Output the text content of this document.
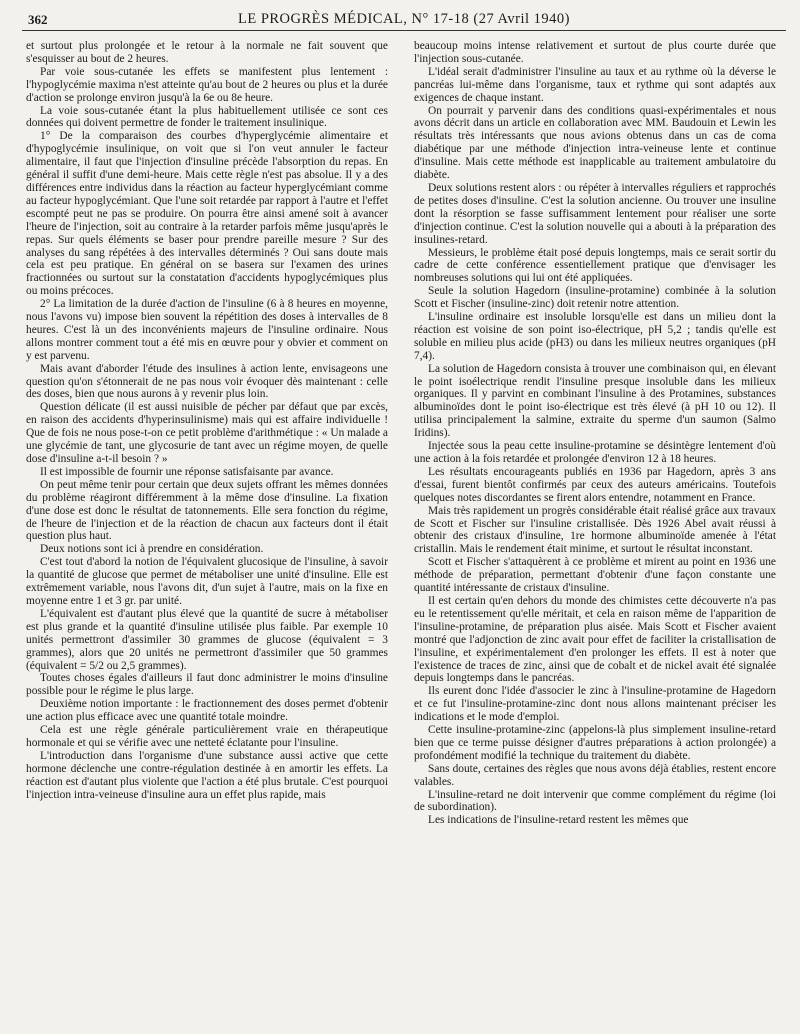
362	LE PROGRÈS MÉDICAL, N° 17-18 (27 Avril 1940)

et surtout plus prolongée et le retour à la normale ne fait souvent que s'esquisser au bout de 2 heures.

Par voie sous-cutanée les effets se manifestent plus lentement : l'hypoglycémie maxima n'est atteinte qu'au bout de 2 heures ou plus et la durée d'action se prolonge environ jusqu'à la 6e ou 8e heure.

La voie sous-cutanée étant la plus habituellement utilisée ce sont ces données qui doivent permettre de fonder le traitement insulinique.

1° De la comparaison des courbes d'hyperglycémie alimentaire et d'hypoglycémie insulinique, on voit que si l'on veut annuler le facteur alimentaire, il faut que l'injection d'insuline précède l'absorption du repas. En général il suffit d'une demi-heure. Mais cette règle n'est pas absolue. Il y a des différences entre individus dans la réaction au facteur hyperglycémiant comme au facteur hypoglycémiant. Que l'une soit retardée par rapport à l'autre et l'effet escompté peut ne pas se produire. On pourra être ainsi amené soit à avancer l'heure de l'injection, soit au contraire à la retarder parfois même jusqu'après le repas. Sur quels éléments se baser pour prendre pareille mesure ? Sur des analyses du sang répétées à des intervalles déterminés ? Oui sans doute mais cela est peu pratique. En général on se basera sur l'examen des urines fractionnées ou surtout sur la constatation d'accidents hypoglycémiques plus ou moins précoces.

2° La limitation de la durée d'action de l'insuline (6 à 8 heures en moyenne, nous l'avons vu) impose bien souvent la répétition des doses à intervalles de 8 heures. C'est là un des inconvénients majeurs de l'insuline ordinaire. Nous allons montrer comment tout a été mis en œuvre pour y obvier et comment on y est parvenu.

Mais avant d'aborder l'étude des insulines à action lente, envisageons une question qu'on s'étonnerait de ne pas nous voir évoquer dès maintenant : celle des doses, bien que nous aurons à y revenir plus loin.

Question délicate (il est aussi nuisible de pécher par défaut que par excès, en raison des accidents d'hyperinsulinisme) mais qui est affaire individuelle ! Que de fois ne nous pose-t-on ce petit problème d'arithmétique : « Un malade a une glycémie de tant, une glycosurie de tant avec un régime moyen, de quelle dose d'insuline a-t-il besoin ? »

Il est impossible de fournir une réponse satisfaisante par avance.

On peut même tenir pour certain que deux sujets offrant les mêmes données du problème réagiront différemment à la même dose d'insuline. La fixation d'une dose est donc le résultat de tatonnements. Elle sera fonction du régime, de l'heure de l'injection et de la réaction de chacun aux facteurs dont il était question plus haut.

Deux notions sont ici à prendre en considération.

C'est tout d'abord la notion de l'équivalent glucosique de l'insuline, à savoir la quantité de glucose que permet de métaboliser une unité d'insuline. Elle est extrêmement variable, nous l'avons dit, d'un sujet à l'autre, mais on la fixe en moyenne entre 1 et 3 gr. par unité.

L'équivalent est d'autant plus élevé que la quantité de sucre à métaboliser est plus grande et la quantité d'insuline utilisée plus faible. Par exemple 10 unités permettront d'assimiler 30 grammes de glucose (équivalent = 3 grammes), alors que 20 unités ne permettront d'assimiler que 50 grammes (équivalent = 5/2 ou 2,5 grammes).

Toutes choses égales d'ailleurs il faut donc administrer le moins d'insuline possible pour le régime le plus large.

Deuxième notion importante : le fractionnement des doses permet d'obtenir une action plus efficace avec une quantité totale moindre.

Cela est une règle générale particulièrement vraie en thérapeutique hormonale et qui se vérifie avec une netteté éclatante pour l'insuline.

L'introduction dans l'organisme d'une substance aussi active que cette hormone déclenche une contre-régulation destinée à en amortir les effets. La réaction est d'autant plus violente que l'action a été plus brutale. C'est pourquoi l'injection intra-veineuse d'insuline aura un effet plus rapide, mais

beaucoup moins intense relativement et surtout de plus courte durée que l'injection sous-cutanée.

L'idéal serait d'administrer l'insuline au taux et au rythme où la déverse le pancréas lui-même dans l'organisme, taux et rythme qui sont adaptés aux exigences de chaque instant.

On pourrait y parvenir dans des conditions quasi-expérimentales et nous avons décrit dans un article en collaboration avec MM. Baudouin et Lewin les résultats très intéressants que nous avions obtenus dans un cas de coma diabétique par une méthode d'injection intra-veineuse lente et continue d'insuline. Mais cette méthode est inapplicable au traitement ambulatoire du diabète.

Deux solutions restent alors : ou répéter à intervalles réguliers et rapprochés de petites doses d'insuline. C'est la solution ancienne. Ou trouver une insuline dont la résorption se fasse suffisamment lentement pour réaliser une sorte d'injection continue. C'est la solution nouvelle qui a abouti à la préparation des insulines-retard.

Messieurs, le problème était posé depuis longtemps, mais ce serait sortir du cadre de cette conférence essentiellement pratique que d'envisager les nombreuses solutions qui lui ont été appliquées.

Seule la solution Hagedorn (insuline-protamine) combinée à la solution Scott et Fischer (insuline-zinc) doit retenir notre attention.

L'insuline ordinaire est insoluble lorsqu'elle est dans un milieu dont la réaction est voisine de son point iso-électrique, pH 5,2 ; tandis qu'elle est soluble en milieu plus acide (pH3) ou dans les milieux neutres organiques (pH 7,4).

La solution de Hagedorn consista à trouver une combinaison qui, en élevant le point isoélectrique rendit l'insuline presque insoluble dans les milieux organiques. Il y parvint en combinant l'insuline à des Protamines, substances albuminoïdes dont le point iso-électrique est très élevé (à pH 10 ou 12). Il utilisa principalement la salmine, extraite du sperme d'un saumon (Salmo Iridins).

Injectée sous la peau cette insuline-protamine se désintègre lentement d'où une action à la fois retardée et prolongée d'environ 12 à 18 heures.

Les résultats encourageants publiés en 1936 par Hagedorn, après 3 ans d'essai, furent bientôt confirmés par ceux des auteurs américains. Toutefois quelques notes discordantes se firent alors entendre, notamment en France.

Mais très rapidement un progrès considérable était réalisé grâce aux travaux de Scott et Fischer sur l'insuline cristallisée. Dès 1926 Abel avait réussi à obtenir des cristaux d'insuline, 1re hormone albuminoïde amenée à l'état cristallin. Mais le rendement était minime, et surtout le résultat inconstant.

Scott et Fischer s'attaquèrent à ce problème et mirent au point en 1936 une méthode de préparation, permettant d'obtenir d'une façon constante une quantité intéressante de cristaux d'insuline.

Il est certain qu'en dehors du monde des chimistes cette découverte n'a pas eu le retentissement qu'elle méritait, et cela en raison même de l'apparition de l'insuline-protamine, de préparation plus aisée. Mais Scott et Fischer avaient montré que l'adjonction de zinc avait pour effet de faciliter la cristallisation de l'insuline, et expérimentalement d'en prolonger les effets. Il est à noter que l'existence de traces de zinc, ainsi que de cobalt et de nickel avait été signalée depuis longtemps dans le pancréas.

Ils eurent donc l'idée d'associer le zinc à l'insuline-protamine de Hagedorn et ce fut l'insuline-protamine-zinc dont nous allons maintenant préciser les indications et le mode d'emploi.

Cette insuline-protamine-zinc (appelons-là plus simplement insuline-retard bien que ce terme puisse désigner d'autres préparations à action prolongée) a profondément modifié la technique du traitement du diabète.

Sans doute, certaines des règles que nous avons déjà établies, restent encore valables.

L'insuline-retard ne doit intervenir que comme complément du régime (loi de subordination).

Les indications de l'insuline-retard restent les mêmes que
